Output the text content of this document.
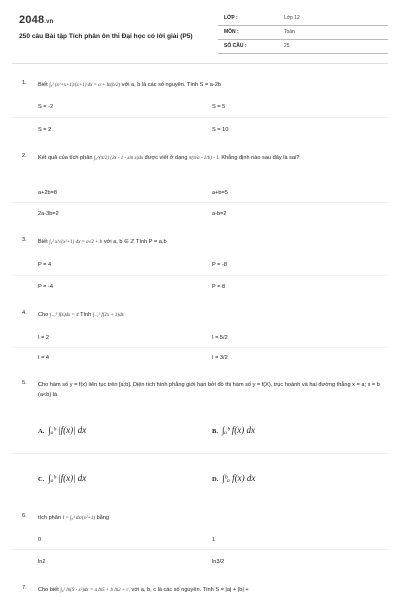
2048.vn
250 câu Bài tập Tích phân ôn thi Đại học có lời giải (P5)
LỚP :	Lớp 12
MÔN :	Toán
SỐ CÂU :	25
1. Biết ∫₀² (x²+x+1)/(x+1) dx = a + ln(b/2) với a, b là các số nguyên. Tính S = a-2b
S = -2	S = 5
S = 2	S = 10
2. Kết quả của tích phân ∫₀^(π/2) (2x - 1 - sin x)dx được viết ở dạng π(π/a - 1/b) - 1. Khẳng định nào sau đây là sai?
a+2b=8	a+b=5
2a-3b=2	a-b=2
3. Biết ∫₁² x/√(x²+1) dx = a√2 + b với a, b ∈ ℤ Tính P = a.b
P = 4	P = -8
P = -4	P = 8
4. Cho ∫₋₁⁵ f(x)dx = 4 Tính ∫₋₁² f(2x + 1)dx
I = 2	I = 5/2
I = 4	I = 3/2
5. Cho hàm số y = f(x) liên tục trên [a;b]. Diện tích hình phẳng giới hạn bởi đồ thị hàm số y = f(X), trục hoành và hai đường thẳng x = a; x = b (a<b) là
A. ∫ₐᵇ |f(x)| dx	B. ∫ₐᵇ f(x) dx
C. ∫ₐᵇ |f(x)| dx	D. ∫ᵇₐ f(x) dx
6. tích phân I = ∫₀¹ dx/(x²+1) bằng
0	1
ln2	ln3/2
7. Cho biết ∫₀² ln(9 - x²)dx = a ln5 + b ln2 + c, với a, b, c là các số nguyên. Tính S = |a| + |b| +
